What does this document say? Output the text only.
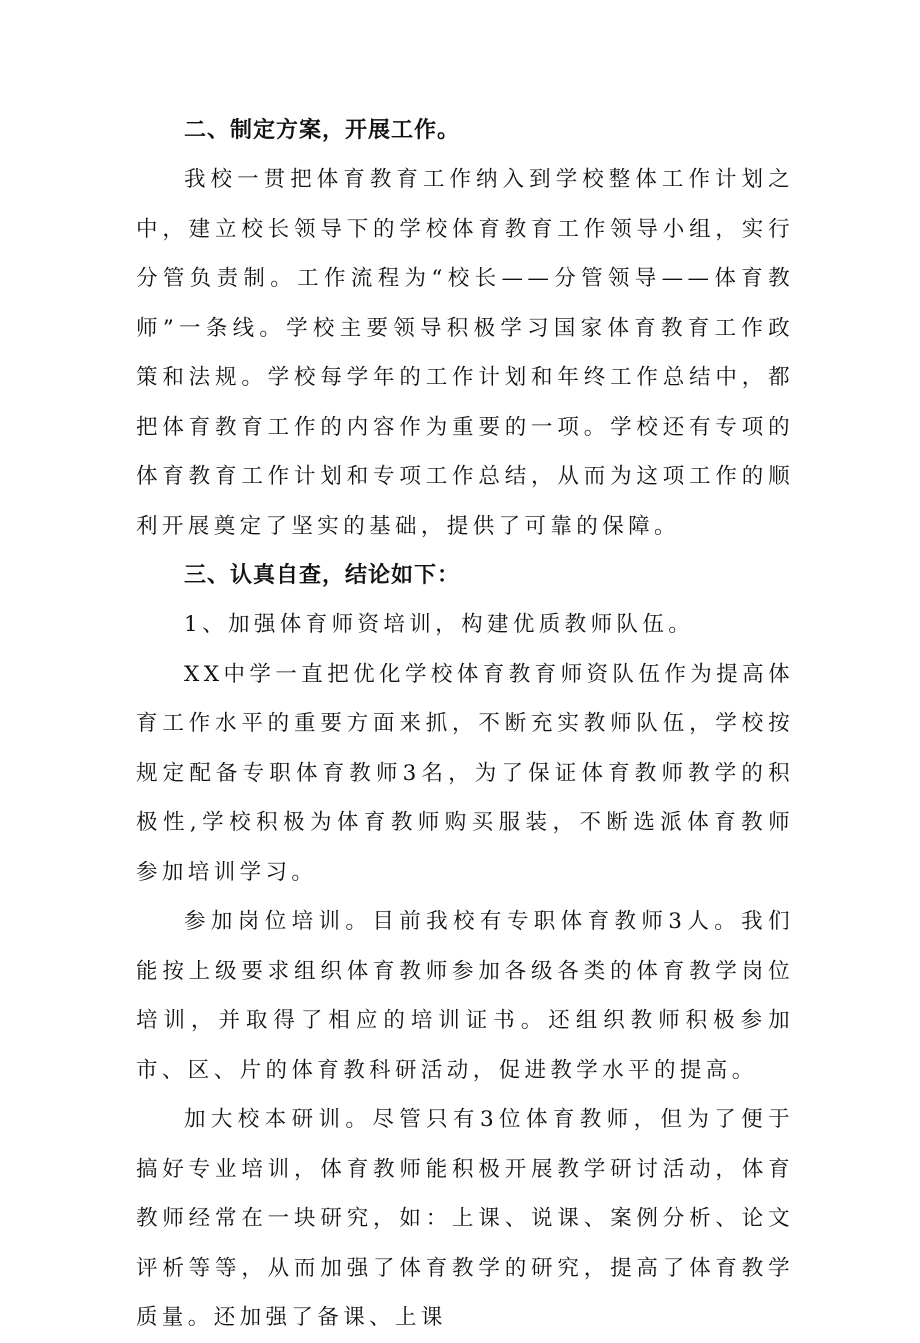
二、制定方案，开展工作。

我校一贯把体育教育工作纳入到学校整体工作计划之中，建立校长领导下的学校体育教育工作领导小组，实行分管负责制。工作流程为“校长——分管领导——体育教师”一条线。学校主要领导积极学习国家体育教育工作政策和法规。学校每学年的工作计划和年终工作总结中，都把体育教育工作的内容作为重要的一项。学校还有专项的体育教育工作计划和专项工作总结，从而为这项工作的顺利开展奠定了坚实的基础，提供了可靠的保障。

三、认真自查，结论如下：

1、加强体育师资培训，构建优质教师队伍。

XX中学一直把优化学校体育教育师资队伍作为提高体育工作水平的重要方面来抓，不断充实教师队伍，学校按规定配备专职体育教师3名，为了保证体育教师教学的积极性,学校积极为体育教师购买服装，不断选派体育教师参加培训学习。

参加岗位培训。目前我校有专职体育教师3人。我们能按上级要求组织体育教师参加各级各类的体育教学岗位培训，并取得了相应的培训证书。还组织教师积极参加市、区、片的体育教科研活动，促进教学水平的提高。

加大校本研训。尽管只有3位体育教师，但为了便于搞好专业培训，体育教师能积极开展教学研讨活动，体育教师经常在一块研究，如：上课、说课、案例分析、论文评析等等，从而加强了体育教学的研究，提高了体育教学质量。还加强了备课、上课
